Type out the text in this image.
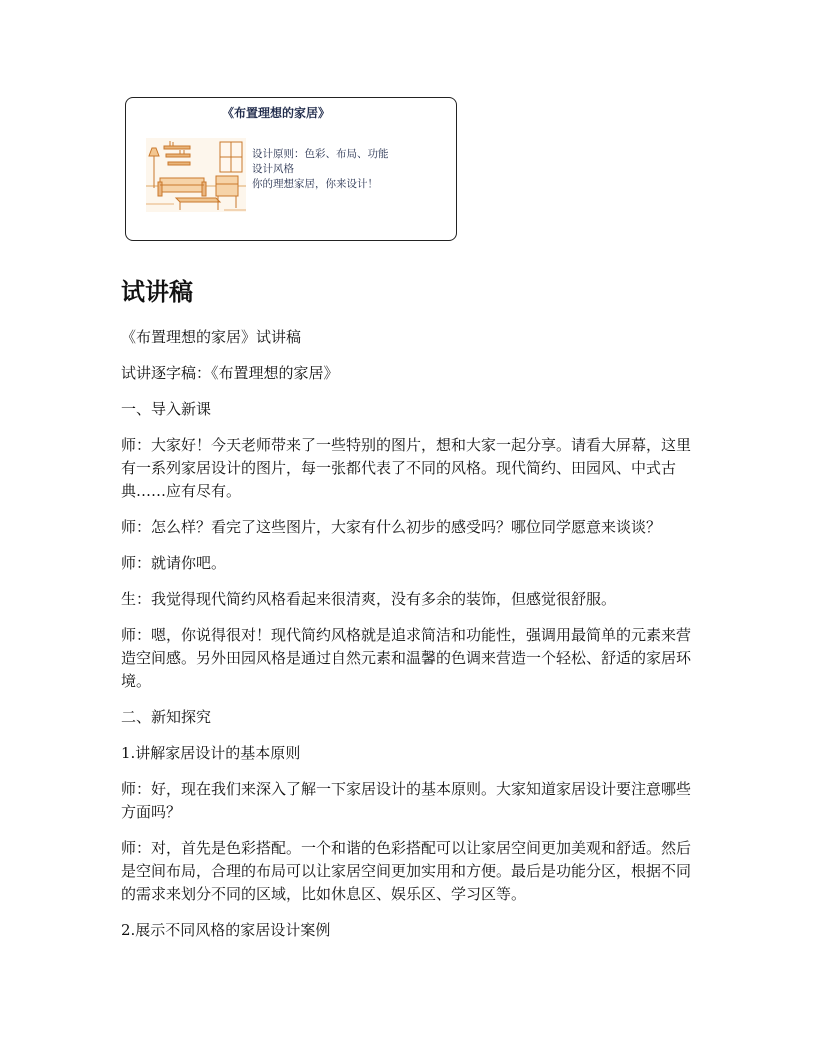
《布置理想的家居》
设计原则：色彩、布局、功能
设计风格
你的理想家居，你来设计！
试讲稿

《布置理想的家居》试讲稿

试讲逐字稿：《布置理想的家居》

一、导入新课

师：大家好！今天老师带来了一些特别的图片，想和大家一起分享。请看大屏幕，这里有一系列家居设计的图片，每一张都代表了不同的风格。现代简约、田园风、中式古典……应有尽有。

师：怎么样？看完了这些图片，大家有什么初步的感受吗？哪位同学愿意来谈谈？

师：就请你吧。

生：我觉得现代简约风格看起来很清爽，没有多余的装饰，但感觉很舒服。

师：嗯，你说得很对！现代简约风格就是追求简洁和功能性，强调用最简单的元素来营造空间感。另外田园风格是通过自然元素和温馨的色调来营造一个轻松、舒适的家居环境。

二、新知探究

1.讲解家居设计的基本原则

师：好，现在我们来深入了解一下家居设计的基本原则。大家知道家居设计要注意哪些方面吗？

师：对，首先是色彩搭配。一个和谐的色彩搭配可以让家居空间更加美观和舒适。然后是空间布局，合理的布局可以让家居空间更加实用和方便。最后是功能分区，根据不同的需求来划分不同的区域，比如休息区、娱乐区、学习区等。

2.展示不同风格的家居设计案例
